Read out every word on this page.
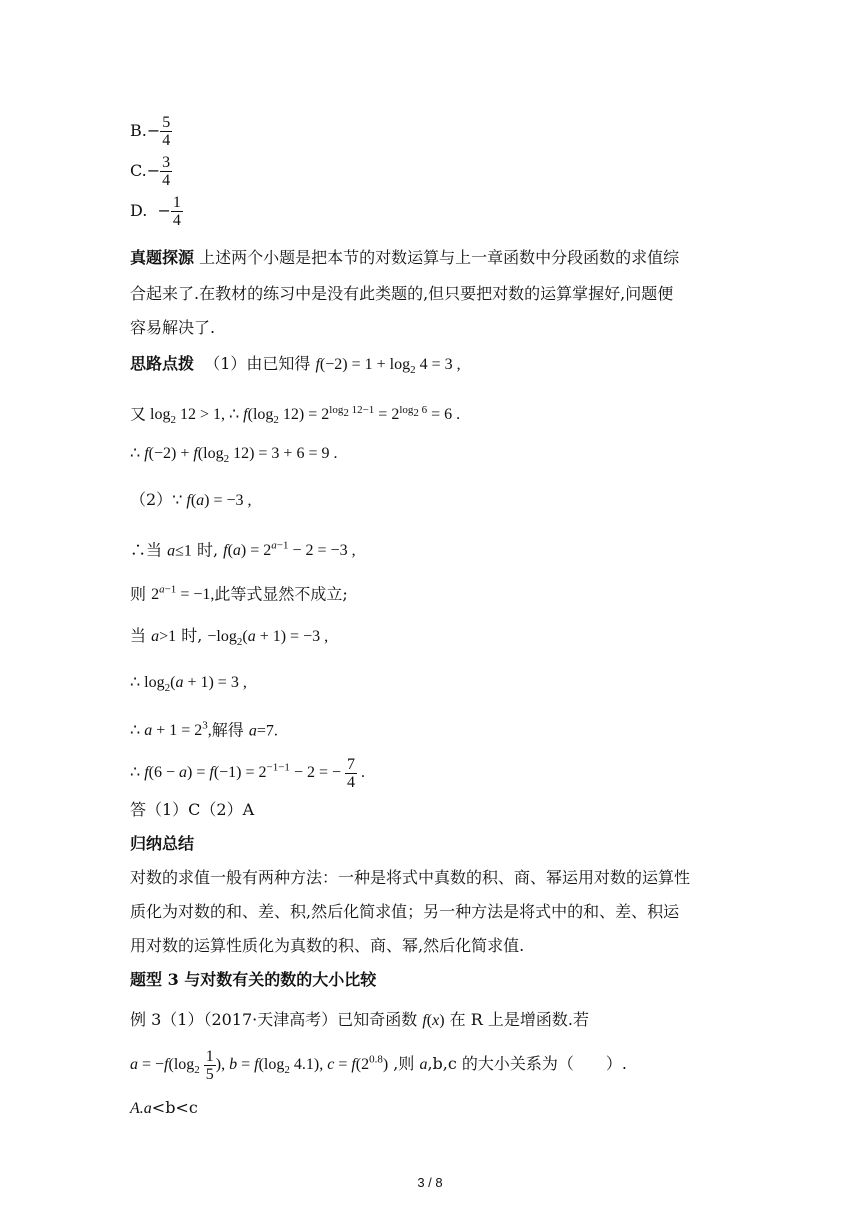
$B.- \frac{5}{4}$
$C.- \frac{3}{4}$
D. − $\frac{1}{4}$
真题探源 上述两个小题是把本节的对数运算与上一章函数中分段函数的求值综
合起来了.在教材的练习中是没有此类题的,但只要把对数的运算掌握好,问题便
容易解决了.
思路点拨 （1）由已知得 $f(-2) = 1 + \log_2 4 = 3$ ,
又 $\log_2 12 > 1$, ∴ $f(\log_2$ $12) = 2^{log_2 12-1} = 2^{log_2 6} = 6$ .
∴ $f(-2) + f(\log_2$ 12) = 3 + 6 = 9 .
（2）∵ f(a) = −3 ,
∴当 a≤1 时, $f(a) = 2^{a-1} - 2 = -3$ ,
则 $2^{a-1} = -1$,此等式显然不成立;
当 a>1 时, $-\log_2(a + 1) = -3$ ,
∴ $\log_2(a + 1) = 3$ ,
∴ $a + 1 = 2^3$,解得 a=7.
∴ $f(6 - a) = f(-1) = 2^{-1-1} - 2$ = − $\frac{7}{4}$ .
答（1）C（2）A
归纳总结
对数的求值一般有两种方法：一种是将式中真数的积、商、幂运用对数的运算性
质化为对数的和、差、积,然后化简求值；另一种方法是将式中的和、差、积运
用对数的运算性质化为真数的积、商、幂,然后化简求值.
题型 3 与对数有关的数的大小比较
例 3（1）（2017·天津高考）已知奇函数 f(x) 在 R 上是增函数.若
$a = -f(\log_2 \frac{1}{5}$ ), $b = f(\log_2$ 4.1), $c = f(2^{0.8})$ ,则 a,b,c 的大小关系为（　　）.
A.a<b<c
3 / 8
